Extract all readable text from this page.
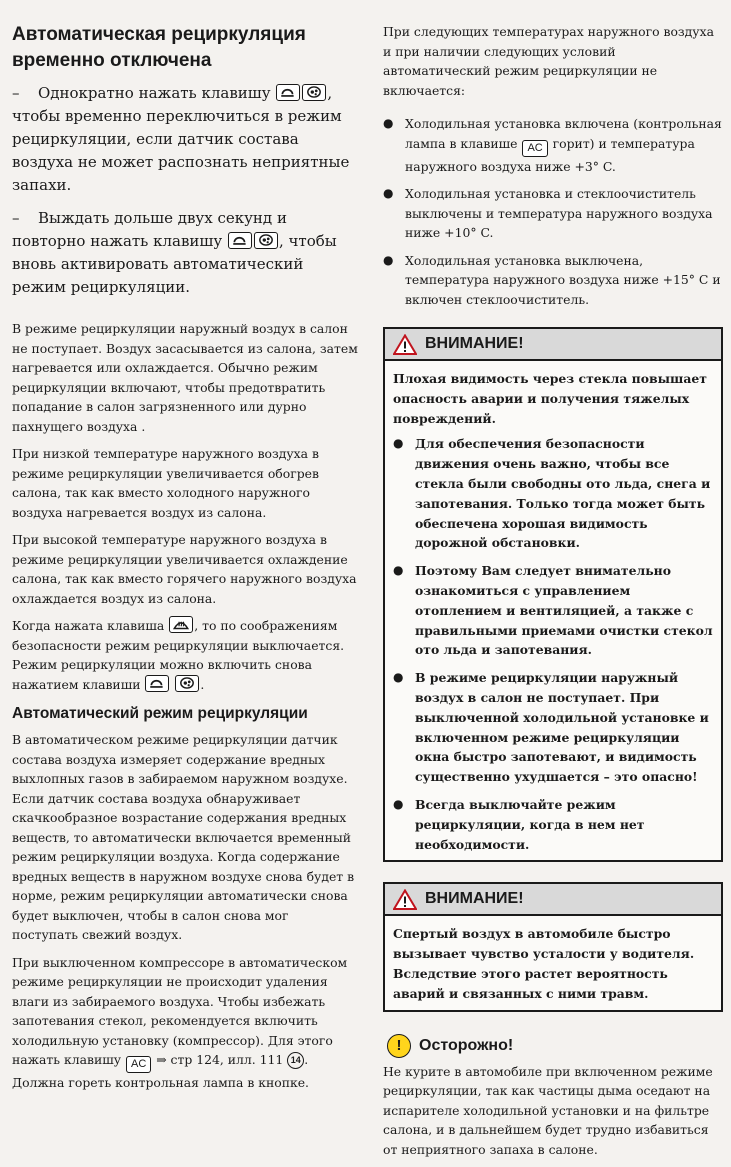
Автоматическая рециркуляция временно отключена

– Однократно нажать клавишу	, чтобы временно переключиться в режим рециркуляции, если датчик состава воздуха не может распознать неприятные запахи.

– Выждать дольше двух секунд и повторно нажать клавишу	, чтобы вновь активировать автоматический режим рециркуляции.

В режиме рециркуляции наружный воздух в салон не поступает. Воздух засасывается из салона, затем нагревается или охлаждается. Обычно режим рециркуляции включают, чтобы предотвратить попадание в салон загрязненного или дурно пахнущего воздуха .

При низкой температуре наружного воздуха в режиме рециркуляции увеличивается обогрев салона, так как вместо холодного наружного воздуха нагревается воздух из салона.

При высокой температуре наружного воздуха в режиме рециркуляции увеличивается охлаждение салона, так как вместо горячего наружного воздуха охлаждается воздух из салона.

Когда нажата клавиша , то по соображениям безопасности режим рециркуляции выключается. Режим рециркуляции можно включить снова нажатием клавиши
	.

Автоматический режим рециркуляции

В автоматическом режиме рециркуляции датчик состава воздуха измеряет содержание вредных выхлопных газов в забираемом наружном воздухе. Если датчик состава воздуха обнаруживает скачкообразное возрастание содержания вредных веществ, то автоматически включается временный режим рециркуляции воздуха. Когда содержание вредных веществ в наружном воздухе снова будет в норме, режим рециркуляции автоматически снова будет выключен, чтобы в салон снова мог поступать свежий воздух.

При выключенном компрессоре в автоматическом режиме рециркуляции не происходит удаления влаги из забираемого воздуха. Чтобы избежать запотевания стекол, рекомендуется включить холодильную установку (компрессор). Для этого нажать клавишу AC ⇒ стр 124, илл. 111 14 . Должна гореть контрольная лампа в кнопке.

При следующих температурах наружного воздуха и при наличии следующих условий автоматический режим рециркуляции не включается:

● Холодильная установка включена (контрольная лампа в клавише AC горит) и температура наружного воздуха ниже +3° C.
● Холодильная установка и стеклоочиститель выключены и температура наружного воздуха ниже +10° C.
● Холодильная установка выключена, температура наружного воздуха ниже +15° C и включен стеклоочиститель.
ВНИМАНИЕ!

Плохая видимость через стекла повышает опасность аварии и получения тяжелых повреждений.

● Для обеспечения безопасности движения очень важно, чтобы все стекла были свободны ото льда, снега и запотевания. Только тогда может быть обеспечена хорошая видимость дорожной обстановки.
● Поэтому Вам следует внимательно ознакомиться с управлением отоплением и вентиляцией, а также с правильными приемами очистки стекол ото льда и запотевания.
● В режиме рециркуляции наружный воздух в салон не поступает. При выключенной холодильной установке и включенном режиме рециркуляции окна быстро запотевают, и видимость существенно ухудшается – это опасно!
● Всегда выключайте режим рециркуляции, когда в нем нет необходимости.
ВНИМАНИЕ!

Спертый воздух в автомобиле быстро вызывает чувство усталости у водителя. Вследствие этого растет вероятность аварий и связанных с ними травм.

!	Осторожно!

Не курите в автомобиле при включенном режиме рециркуляции, так как частицы дыма оседают на испарителе холодильной установки и на фильтре салона, и в дальнейшем будет трудно избавиться от неприятного запаха в салоне.
